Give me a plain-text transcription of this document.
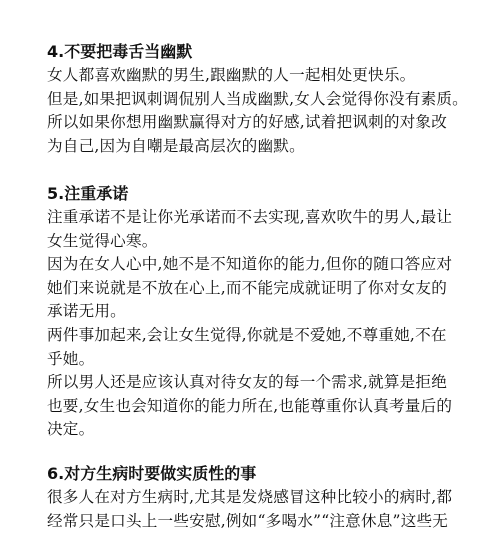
4.不要把毒舌当幽默

女人都喜欢幽默的男生,跟幽默的人一起相处更快乐。
但是,如果把讽刺调侃别人当成幽默,女人会觉得你没有素质。
所以如果你想用幽默赢得对方的好感,试着把讽刺的对象改
为自己,因为自嘲是最高层次的幽默。

5.注重承诺

注重承诺不是让你光承诺而不去实现,喜欢吹牛的男人,最让
女生觉得心寒。
因为在女人心中,她不是不知道你的能力,但你的随口答应对
她们来说就是不放在心上,而不能完成就证明了你对女友的
承诺无用。
两件事加起来,会让女生觉得,你就是不爱她,不尊重她,不在
乎她。
所以男人还是应该认真对待女友的每一个需求,就算是拒绝
也要,女生也会知道你的能力所在,也能尊重你认真考量后的
决定。

6.对方生病时要做实质性的事

很多人在对方生病时,尤其是发烧感冒这种比较小的病时,都
经常只是口头上一些安慰,例如“多喝水”“注意休息”这些无
